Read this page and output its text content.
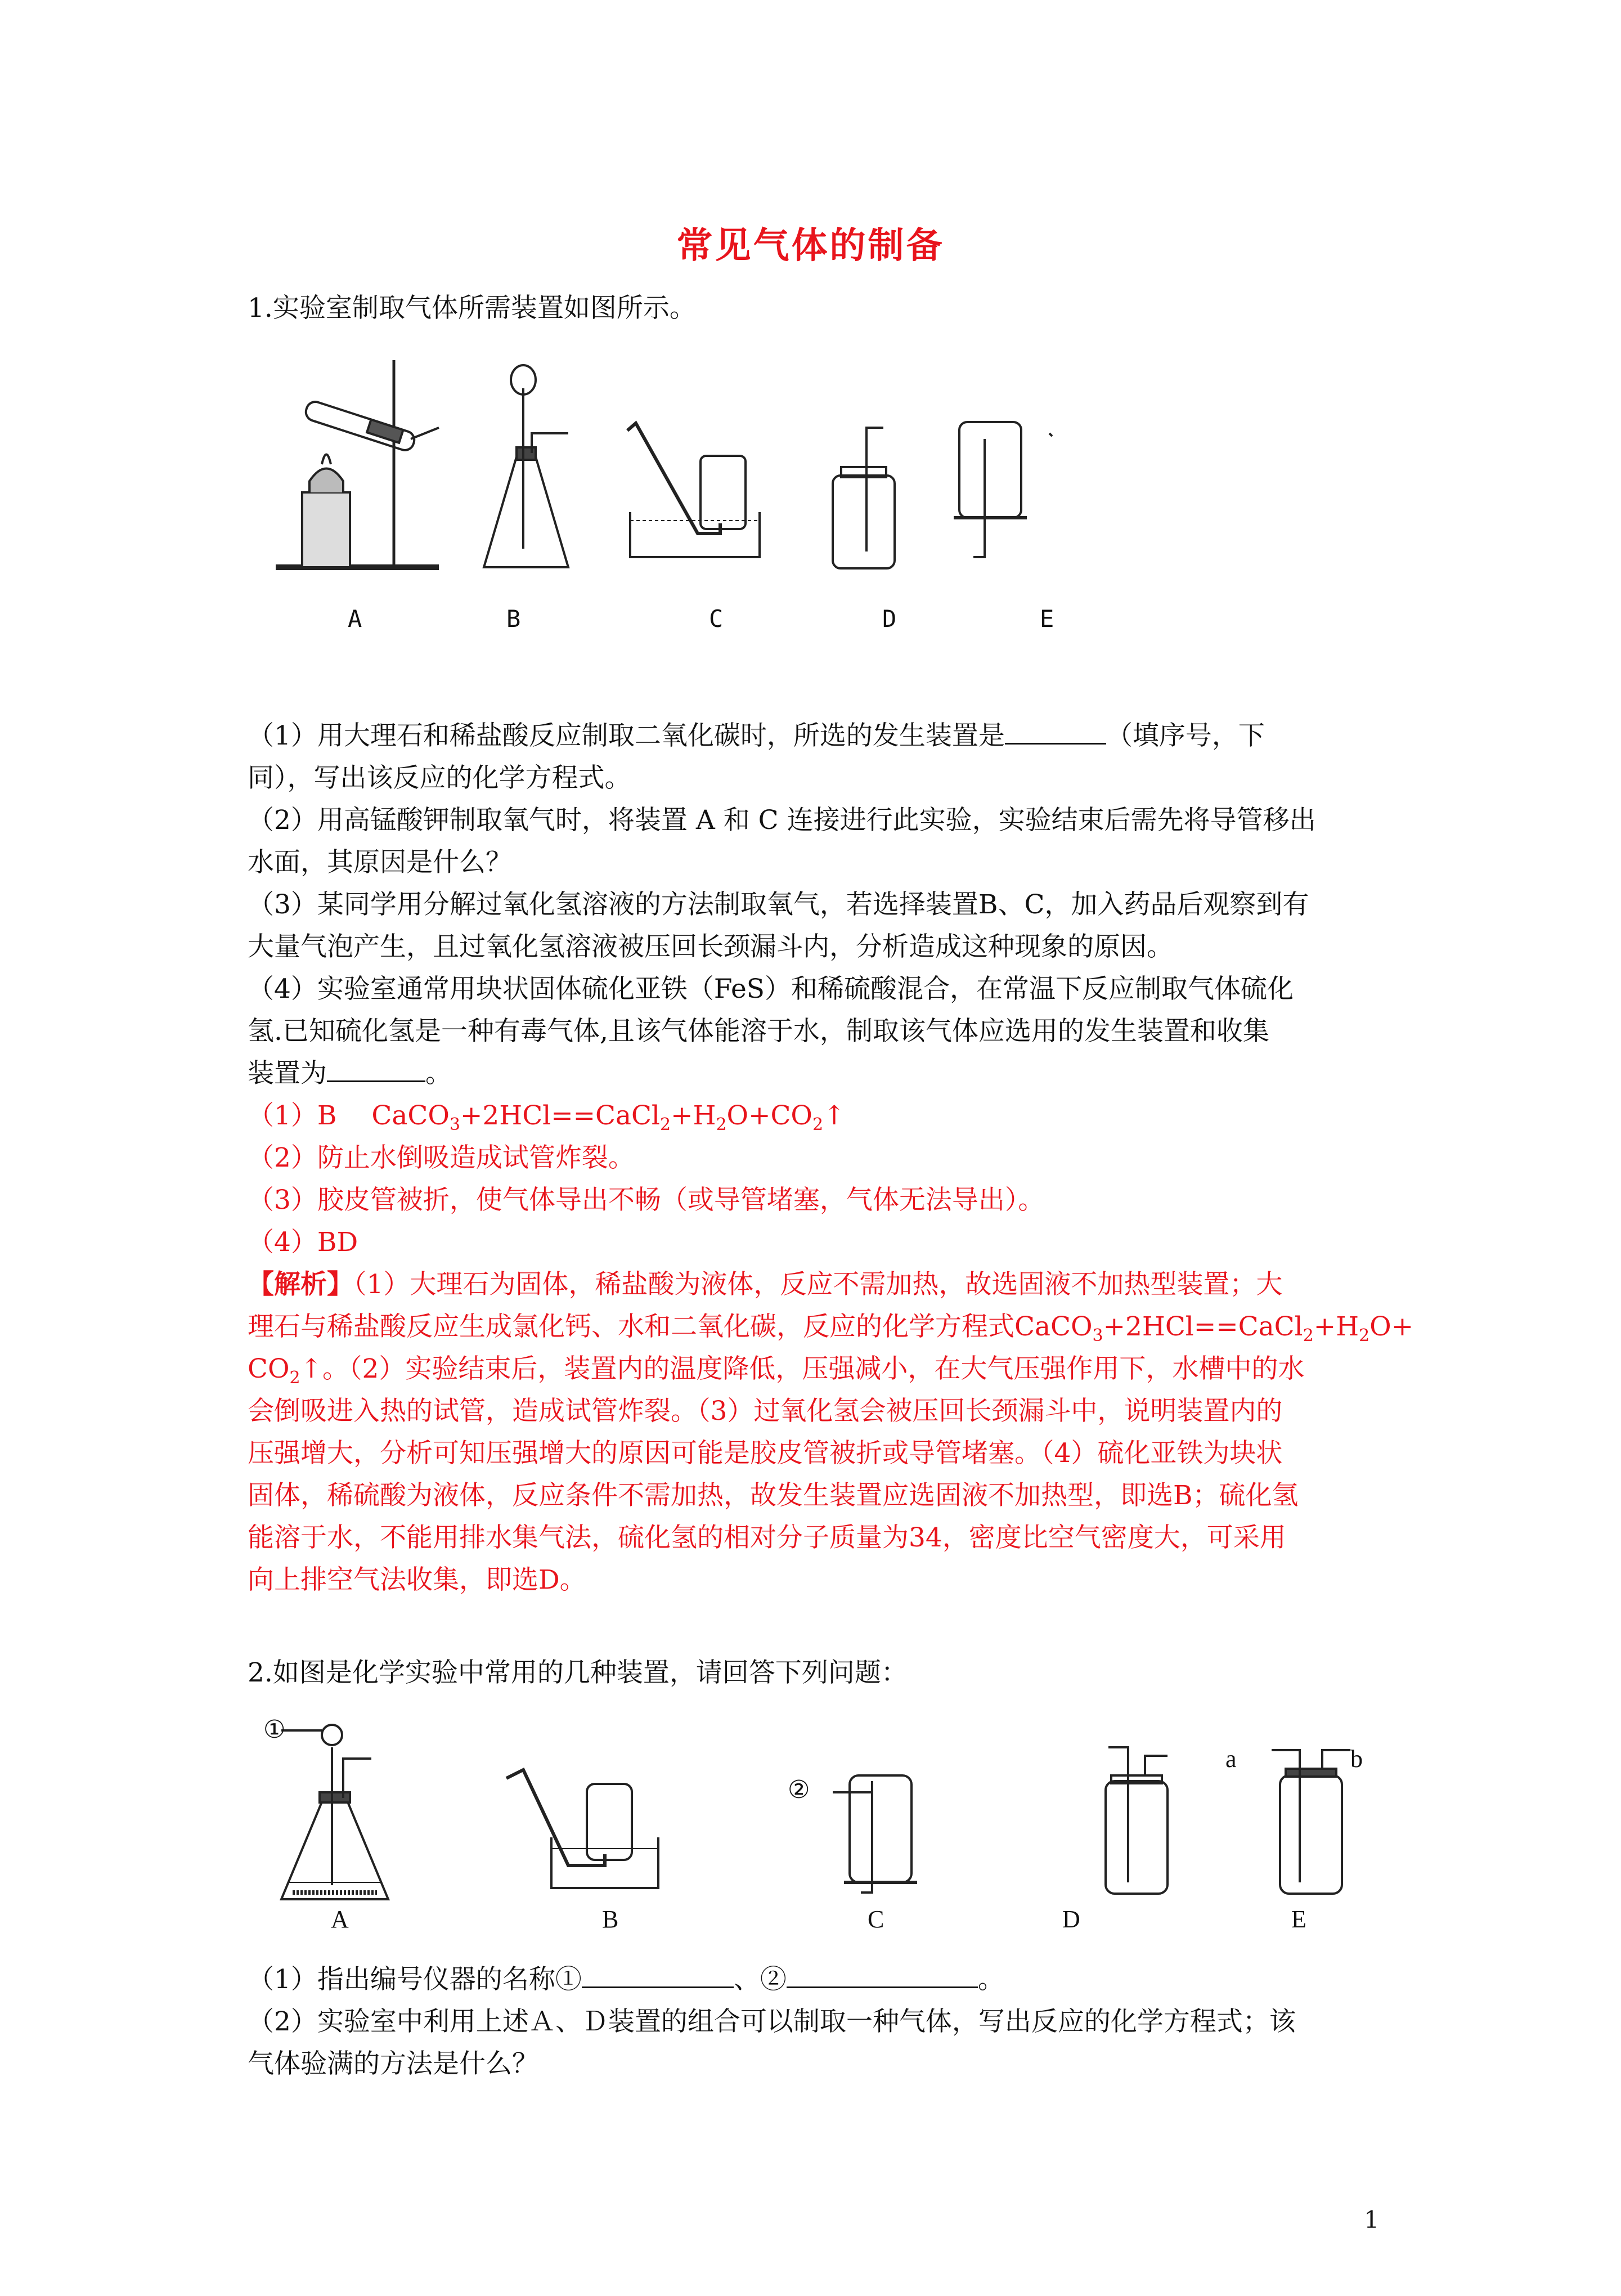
常见气体的制备
1.实验室制取气体所需装置如图所示。
A	B	C	D	E
（1）用大理石和稀盐酸反应制取二氧化碳时，所选的发生装置是	（填序号，下
同），写出该反应的化学方程式。
（2）用高锰酸钾制取氧气时，将装置 A 和 C 连接进行此实验，实验结束后需先将导管移出
水面，其原因是什么？
（3）某同学用分解过氧化氢溶液的方法制取氧气，若选择装置B、C，加入药品后观察到有
大量气泡产生，且过氧化氢溶液被压回长颈漏斗内，分析造成这种现象的原因。
（4）实验室通常用块状固体硫化亚铁（FeS）和稀硫酸混合，在常温下反应制取气体硫化
氢.已知硫化氢是一种有毒气体,且该气体能溶于水，制取该气体应选用的发生装置和收集
装置为	。
（1）B　 $CaCO_3+2HCl==CaCl_2+H_2O+CO_2↑$
（2）防止水倒吸造成试管炸裂。
（3）胶皮管被折，使气体导出不畅（或导管堵塞，气体无法导出）。
（4）BD
【解析】（1）大理石为固体，稀盐酸为液体，反应不需加热，故选固液不加热型装置；大
理石与稀盐酸反应生成氯化钙、水和二氧化碳，反应的化学方程式$CaCO_3+2HCl==CaCl_2+H_2O+$
$CO_2↑$。（2）实验结束后，装置内的温度降低，压强减小，在大气压强作用下，水槽中的水
会倒吸进入热的试管，造成试管炸裂。（3）过氧化氢会被压回长颈漏斗中，说明装置内的
压强增大，分析可知压强增大的原因可能是胶皮管被折或导管堵塞。（4）硫化亚铁为块状
固体，稀硫酸为液体，反应条件不需加热，故发生装置应选固液不加热型，即选B；硫化氢
能溶于水，不能用排水集气法，硫化氢的相对分子质量为34，密度比空气密度大，可采用
向上排空气法收集，即选D。
2.如图是化学实验中常用的几种装置，请回答下列问题：
①
②
a	b
A	B	C	D	E
（1）指出编号仪器的名称①	、②	。
（2）实验室中利用上述Ａ、Ｄ装置的组合可以制取一种气体，写出反应的化学方程式；该
气体验满的方法是什么？
1
